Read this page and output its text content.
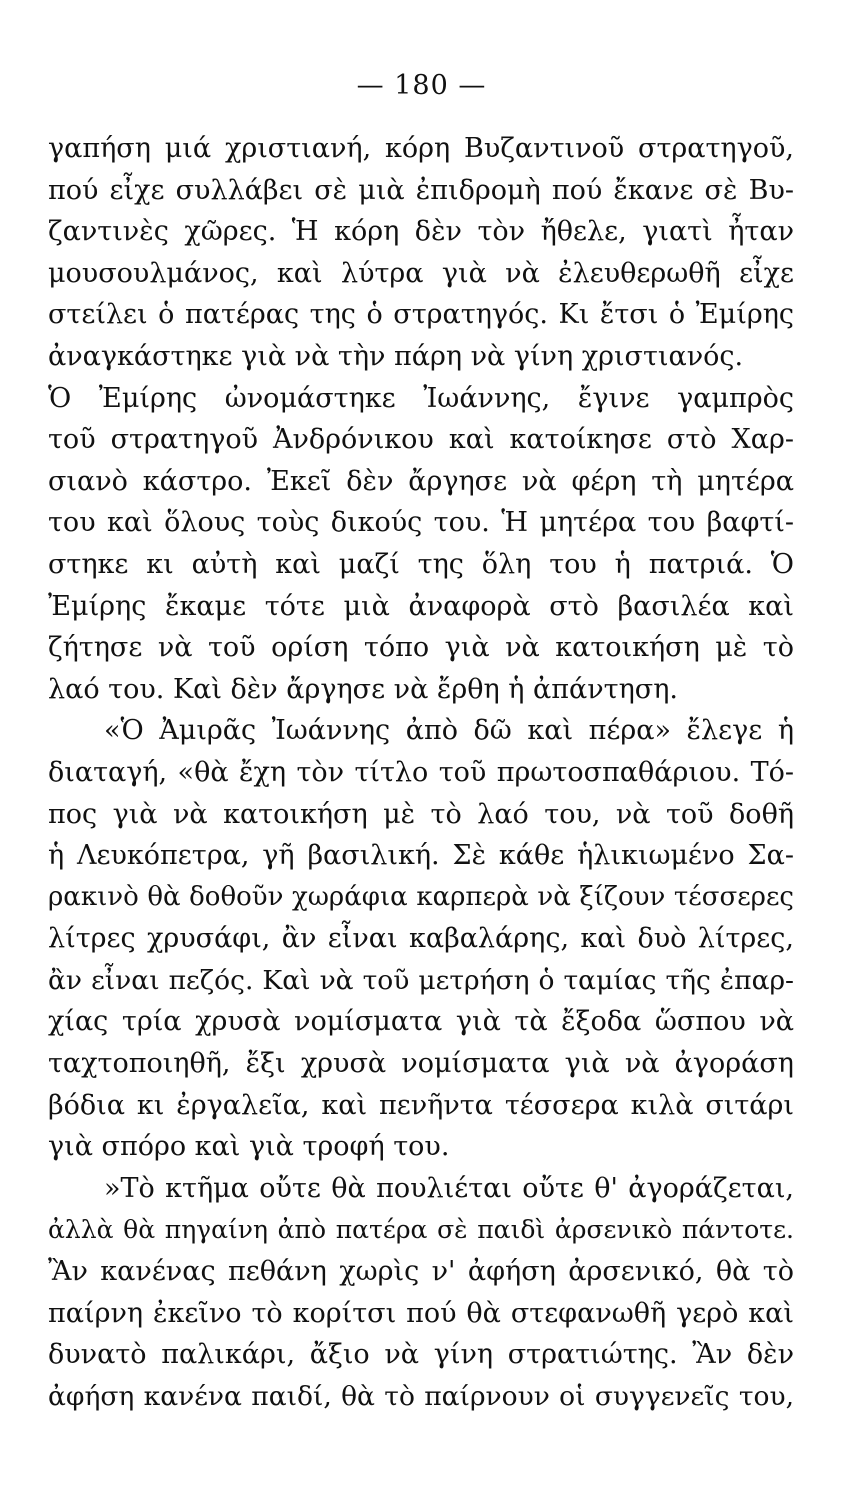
— 180 —
γαπήση μιά χριστιανή, κόρη Βυζαντινοῦ στρατηγοῦ,
πού εἶχε συλλάβει σὲ μιὰ ἐπιδρομὴ πού ἔκανε σὲ Βυ-
ζαντινὲς χῶρες. Ἡ κόρη δὲν τὸν ἤθελε, γιατὶ ἦταν
μουσουλμάνος, καὶ λύτρα γιὰ νὰ ἐλευθερωθῆ εἶχε
στείλει ὁ πατέρας της ὁ στρατηγός. Κι ἔτσι ὁ Ἐμίρης
ἀναγκάστηκε γιὰ νὰ τὴν πάρη νὰ γίνη χριστιανός.
Ὁ Ἐμίρης ὠνομάστηκε Ἰωάννης, ἔγινε γαμπρὸς
τοῦ στρατηγοῦ Ἀνδρόνικου καὶ κατοίκησε στὸ Χαρ-
σιανὸ κάστρο. Ἐκεῖ δὲν ἄργησε νὰ φέρη τὴ μητέρα
του καὶ ὅλους τοὺς δικούς του. Ἡ μητέρα του βαφτί-
στηκε κι αὐτὴ καὶ μαζί της ὅλη του ἡ πατριά. Ὁ
Ἐμίρης ἔκαμε τότε μιὰ ἀναφορὰ στὸ βασιλέα καὶ
ζήτησε νὰ τοῦ ορίση τόπο γιὰ νὰ κατοικήση μὲ τὸ
λαό του. Καὶ δὲν ἄργησε νὰ ἔρθη ἡ ἀπάντηση.
«Ὁ Ἀμιρᾶς Ἰωάννης ἀπὸ δῶ καὶ πέρα» ἔλεγε ἡ
διαταγή, «θὰ ἔχη τὸν τίτλο τοῦ πρωτοσπαθάριου. Τό-
πος γιὰ νὰ κατοικήση μὲ τὸ λαό του, νὰ τοῦ δοθῆ
ἡ Λευκόπετρα, γῆ βασιλική. Σὲ κάθε ἡλικιωμένο Σα-
ρακινὸ θὰ δοθοῦν χωράφια καρπερὰ νὰ ξίζουν τέσσερες
λίτρες χρυσάφι, ἂν εἶναι καβαλάρης, καὶ δυὸ λίτρες,
ἂν εἶναι πεζός. Καὶ νὰ τοῦ μετρήση ὁ ταμίας τῆς ἐπαρ-
χίας τρία χρυσὰ νομίσματα γιὰ τὰ ἔξοδα ὥσπου νὰ
ταχτοποιηθῆ, ἔξι χρυσὰ νομίσματα γιὰ νὰ ἀγοράση
βόδια κι ἐργαλεῖα, καὶ πενῆντα τέσσερα κιλὰ σιτάρι
γιὰ σπόρο καὶ γιὰ τροφή του.
»Τὸ κτῆμα οὔτε θὰ πουλιέται οὔτε θ' ἀγοράζεται,
ἀλλὰ θὰ πηγαίνη ἀπὸ πατέρα σὲ παιδὶ ἀρσενικὸ πάντοτε.
Ἂν κανένας πεθάνη χωρὶς ν' ἀφήση ἀρσενικό, θὰ τὸ
παίρνη ἐκεῖνο τὸ κορίτσι πού θὰ στεφανωθῆ γερὸ καὶ
δυνατὸ παλικάρι, ἄξιο νὰ γίνη στρατιώτης. Ἂν δὲν
ἀφήση κανένα παιδί, θὰ τὸ παίρνουν οἱ συγγενεῖς του,
